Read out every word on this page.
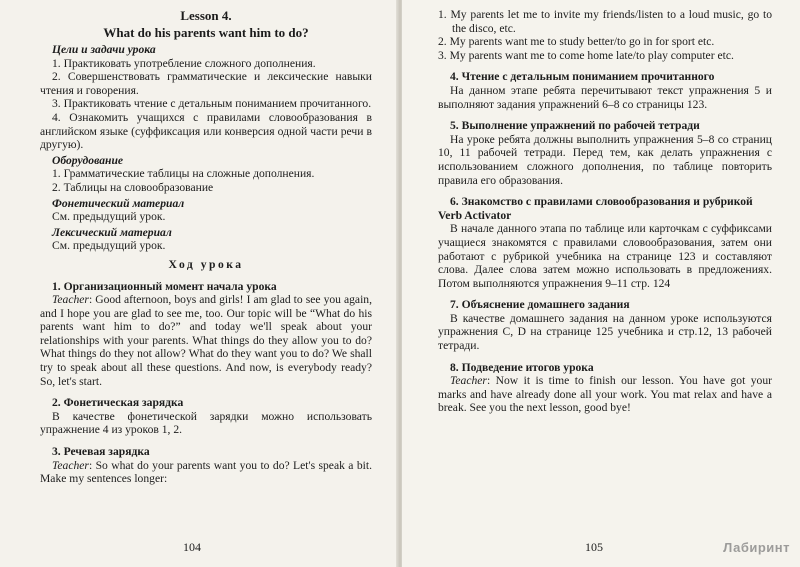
Lesson 4.

What do his parents want him to do?

Цели и задачи урока

1. Практиковать употребление сложного дополнения.

2. Совершенствовать грамматические и лексические навыки чтения и говорения.

3. Практиковать чтение с детальным пониманием прочитанного.

4. Ознакомить учащихся с правилами словообразования в английском языке (суффиксация или конверсия одной части речи в другую).

Оборудование

1. Грамматические таблицы на сложные дополнения.

2. Таблицы на словообразование

Фонетический материал

См. предыдущий урок.

Лексический материал

См. предыдущий урок.

Ход урока

1. Организационный момент начала урока

Teacher: Good afternoon, boys and girls! I am glad to see you again, and I hope you are glad to see me, too. Our topic will be “What do his parents want him to do?” and today we'll speak about your relationships with your parents. What things do they allow you to do? What things do they not allow? What do they want you to do? We shall try to speak about all these questions. And now, is everybody ready? So, let's start.

2. Фонетическая зарядка

В качестве фонетической зарядки можно использовать упражнение 4 из уроков 1, 2.

3. Речевая зарядка

Teacher: So what do your parents want you to do? Let's speak a bit. Make my sentences longer:

104

1. My parents let me to invite my friends/listen to a loud music, go to the disco, etc.

2. My parents want me to study better/to go in for sport etc.

3. My parents want me to come home late/to play computer etc.

4. Чтение с детальным пониманием прочитанного

На данном этапе ребята перечитывают текст упражнения 5 и выполняют задания упражнений 6–8 со страницы 123.

5. Выполнение упражнений по рабочей тетради

На уроке ребята должны выполнить упражнения 5–8 со страниц 10, 11 рабочей тетради. Перед тем, как делать упражнения с использованием сложного дополнения, по таблице повторить правила его образования.

6. Знакомство с правилами словообразования и рубрикой Verb Activator

В начале данного этапа по таблице или карточкам с суффиксами учащиеся знакомятся с правилами словообразования, затем они работают с рубрикой учебника на странице 123 и составляют слова. Далее слова затем можно использовать в предложениях. Потом выполняются упражнения 9–11 стр. 124

7. Объяснение домашнего задания

В качестве домашнего задания на данном уроке используются упражнения C, D на странице 125 учебника и стр.12, 13 рабочей тетради.

8. Подведение итогов урока

Teacher: Now it is time to finish our lesson. You have got your marks and have already done all your work. You mat relax and have a break. See you the next lesson, good bye!

105	Лабиринт
